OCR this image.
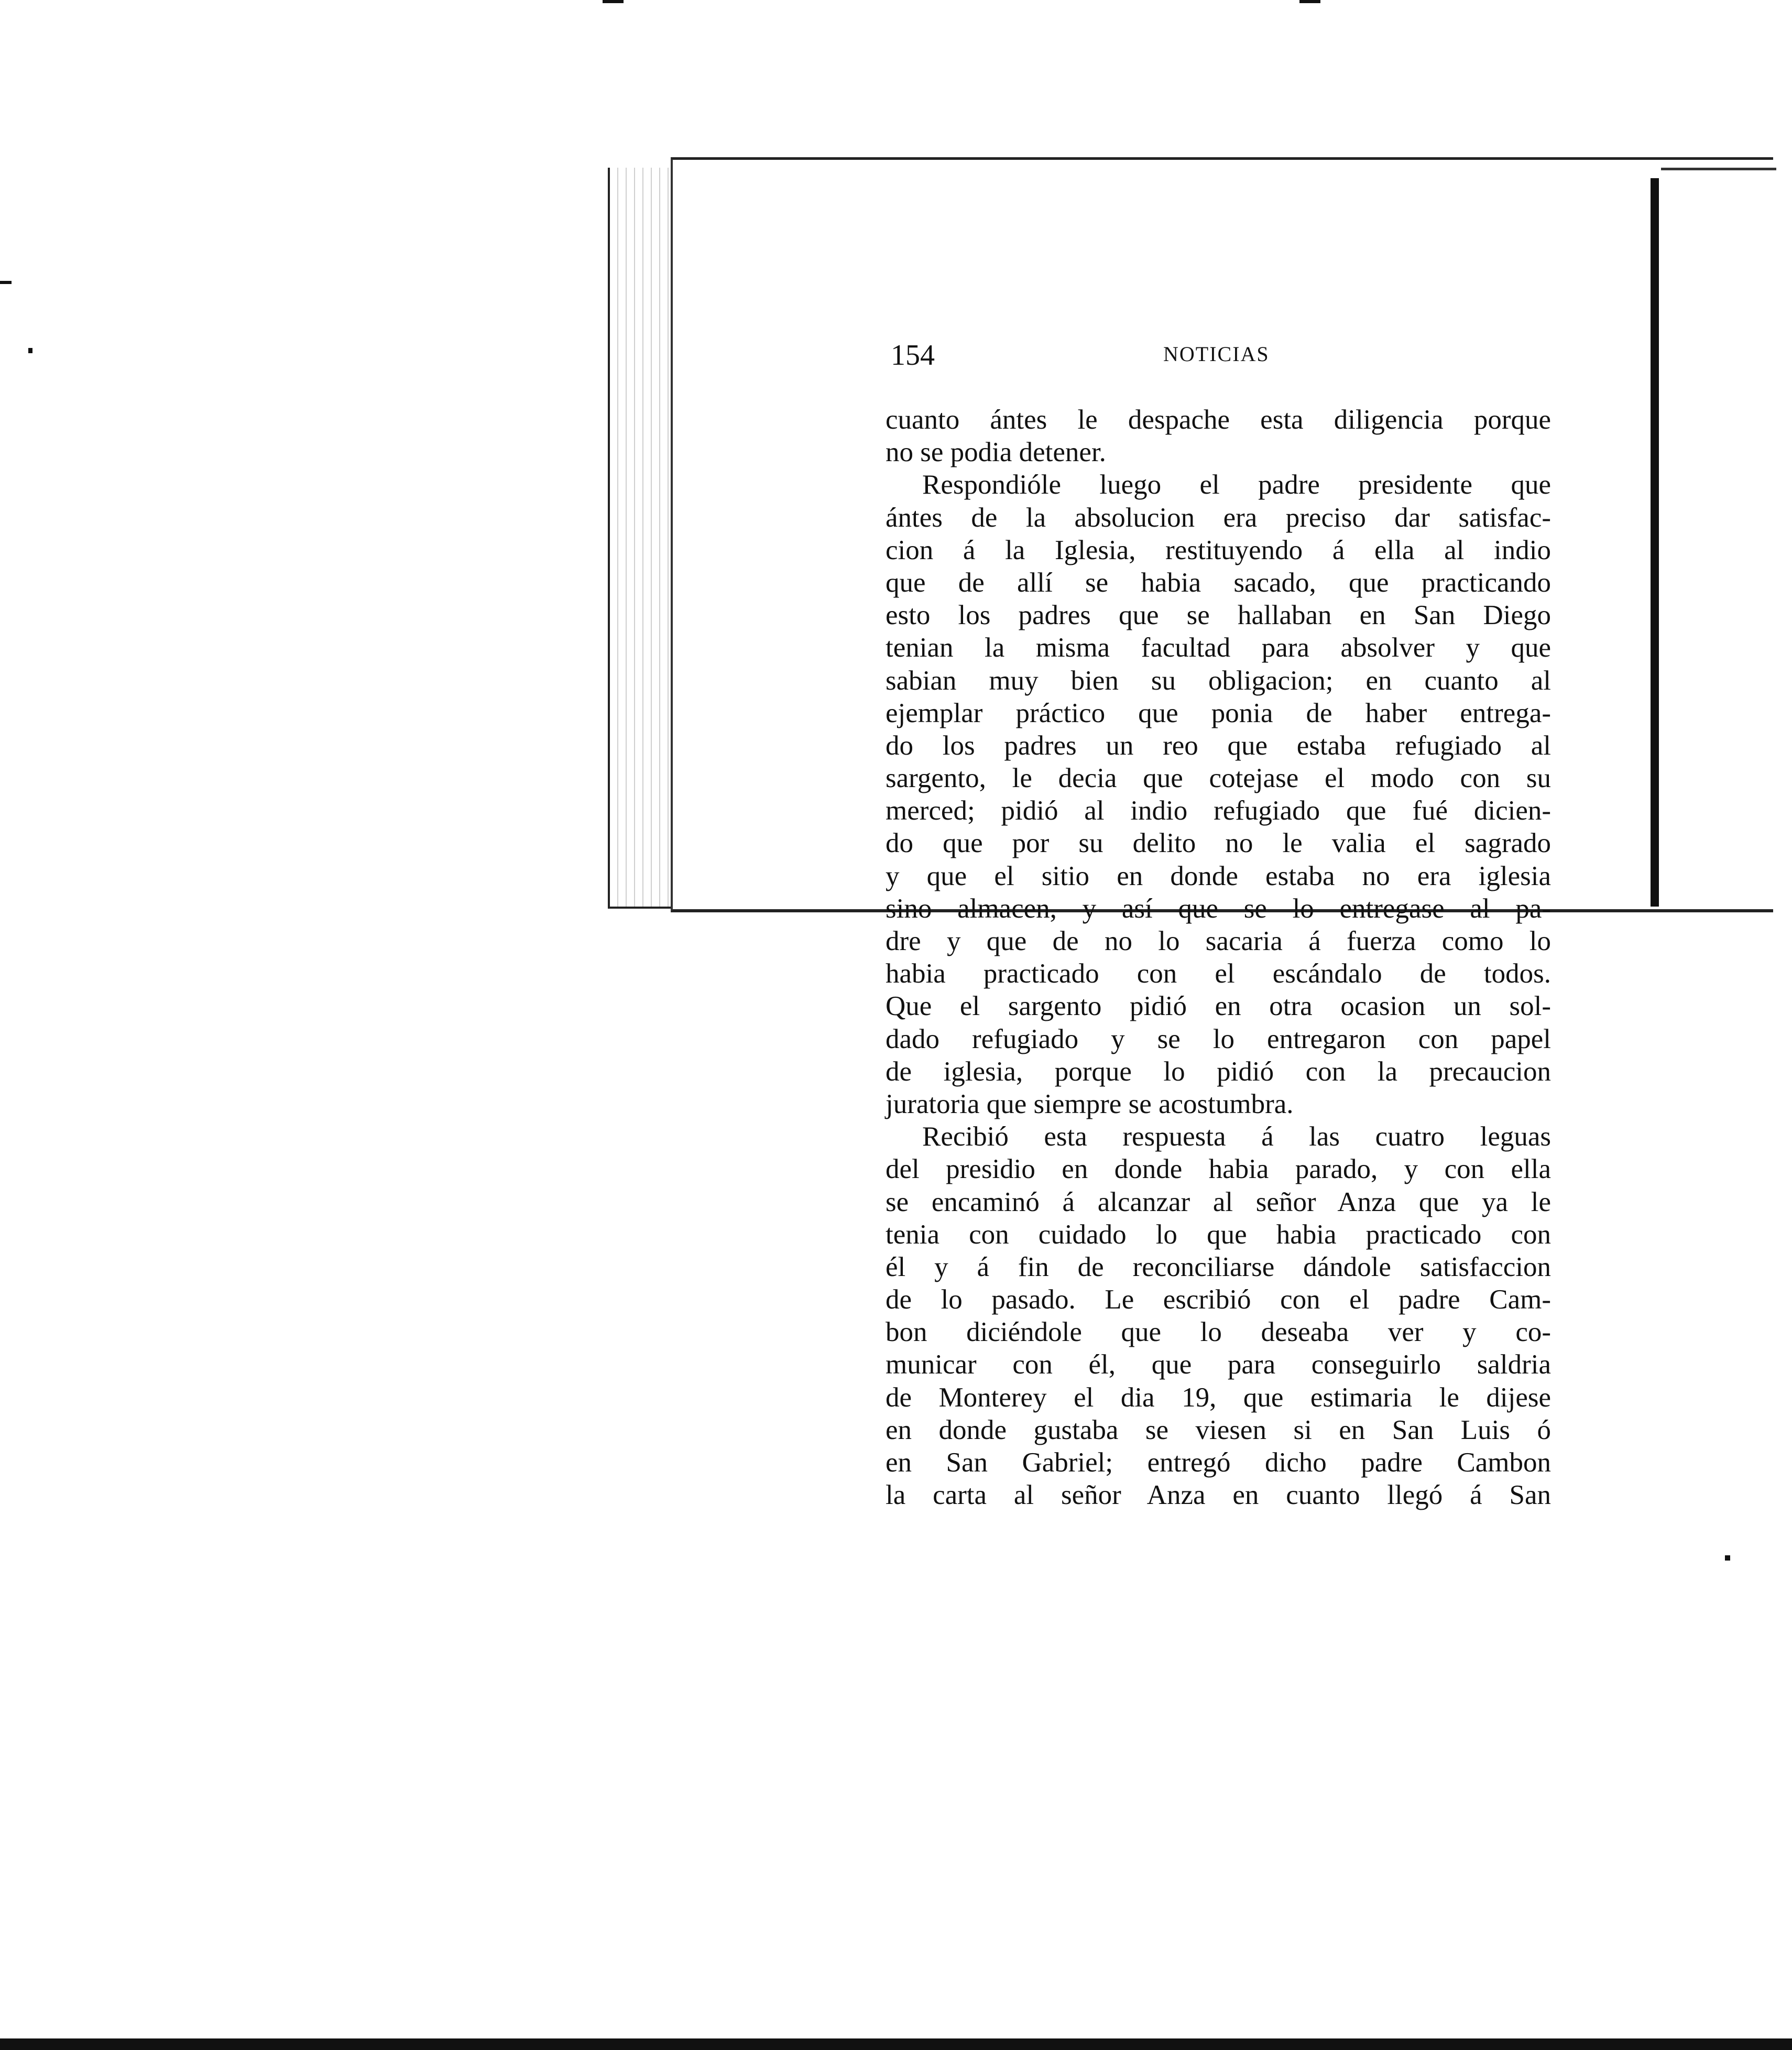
154	NOTICIAS
cuanto ántes le despache esta diligencia porque
no se podia detener.
Respondióle luego el padre presidente que
ántes de la absolucion era preciso dar satisfac-
cion á la Iglesia, restituyendo á ella al indio
que de allí se habia sacado, que practicando
esto los padres que se hallaban en San Diego
tenian la misma facultad para absolver y que
sabian muy bien su obligacion; en cuanto al
ejemplar práctico que ponia de haber entrega-
do los padres un reo que estaba refugiado al
sargento, le decia que cotejase el modo con su
merced; pidió al indio refugiado que fué dicien-
do que por su delito no le valia el sagrado
y que el sitio en donde estaba no era iglesia
sino almacen, y así que se lo entregase al pa-
dre y que de no lo sacaria á fuerza como lo
habia practicado con el escándalo de todos.
Que el sargento pidió en otra ocasion un sol-
dado refugiado y se lo entregaron con papel
de iglesia, porque lo pidió con la precaucion
juratoria que siempre se acostumbra.
Recibió esta respuesta á las cuatro leguas
del presidio en donde habia parado, y con ella
se encaminó á alcanzar al señor Anza que ya le
tenia con cuidado lo que habia practicado con
él y á fin de reconciliarse dándole satisfaccion
de lo pasado. Le escribió con el padre Cam-
bon diciéndole que lo deseaba ver y co-
municar con él, que para conseguirlo saldria
de Monterey el dia 19, que estimaria le dijese
en donde gustaba se viesen si en San Luis ó
en San Gabriel; entregó dicho padre Cambon
la carta al señor Anza en cuanto llegó á San
